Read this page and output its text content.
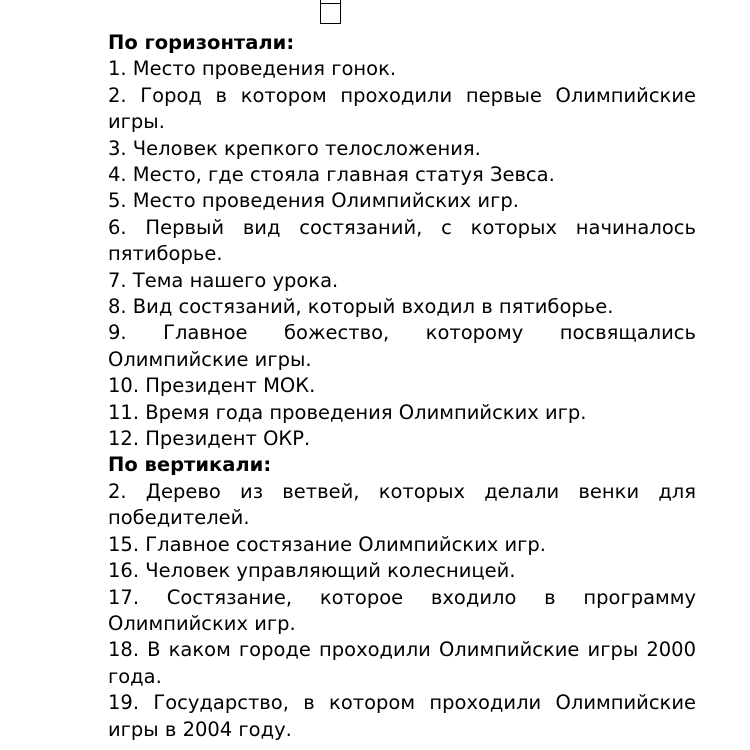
По горизонтали:

1. Место проведения гонок.

2. Город в котором проходили первые Олимпийские игры.

3. Человек крепкого телосложения.

4. Место, где стояла главная статуя Зевса.

5. Место проведения Олимпийских игр.

6. Первый вид состязаний, с которых начиналось пятиборье.

7. Тема нашего урока.

8. Вид состязаний, который входил в пятиборье.

9. Главное божество, которому посвящались Олимпийские игры.

10. Президент МОК.

11. Время года проведения Олимпийских игр.

12. Президент ОКР.

По вертикали:

2. Дерево из ветвей, которых делали венки для победителей.

15. Главное состязание Олимпийских игр.

16. Человек управляющий колесницей.

17. Состязание, которое входило в программу Олимпийских игр.

18. В каком городе проходили Олимпийские игры 2000 года.

19. Государство, в котором проходили Олимпийские игры в 2004 году.
